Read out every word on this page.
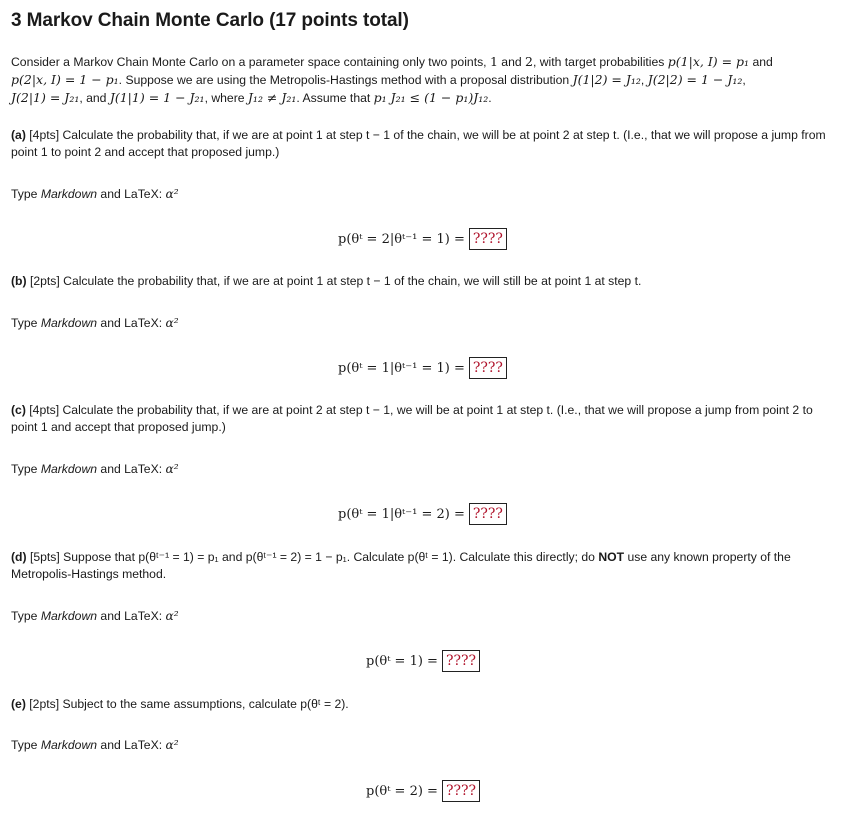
3 Markov Chain Monte Carlo (17 points total)
Consider a Markov Chain Monte Carlo on a parameter space containing only two points, 1 and 2, with target probabilities p(1|x, I) = p₁ and
p(2|x, I) = 1 − p₁. Suppose we are using the Metropolis-Hastings method with a proposal distribution J(1|2) = J₁₂, J(2|2) = 1 − J₁₂,
J(2|1) = J₂₁, and J(1|1) = 1 − J₂₁, where J₁₂ ≠ J₂₁. Assume that p₁ J₂₁ ≤ (1 − p₁)J₁₂.
(a) [4pts] Calculate the probability that, if we are at point 1 at step t − 1 of the chain, we will be at point 2 at step t. (I.e., that we will propose a jump from point 1 to point 2 and accept that proposed jump.)
Type Markdown and LaTeX: α²
p(θᵗ = 2|θᵗ⁻¹ = 1) = ????
(b) [2pts] Calculate the probability that, if we are at point 1 at step t − 1 of the chain, we will still be at point 1 at step t.
Type Markdown and LaTeX: α²
p(θᵗ = 1|θᵗ⁻¹ = 1) = ????
(c) [4pts] Calculate the probability that, if we are at point 2 at step t − 1, we will be at point 1 at step t. (I.e., that we will propose a jump from point 2 to point 1 and accept that proposed jump.)
Type Markdown and LaTeX: α²
p(θᵗ = 1|θᵗ⁻¹ = 2) = ????
(d) [5pts] Suppose that p(θᵗ⁻¹ = 1) = p₁ and p(θᵗ⁻¹ = 2) = 1 − p₁. Calculate p(θᵗ = 1). Calculate this directly; do NOT use any known property of the Metropolis-Hastings method.
Type Markdown and LaTeX: α²
p(θᵗ = 1) = ????
(e) [2pts] Subject to the same assumptions, calculate p(θᵗ = 2).
Type Markdown and LaTeX: α²
p(θᵗ = 2) = ????
